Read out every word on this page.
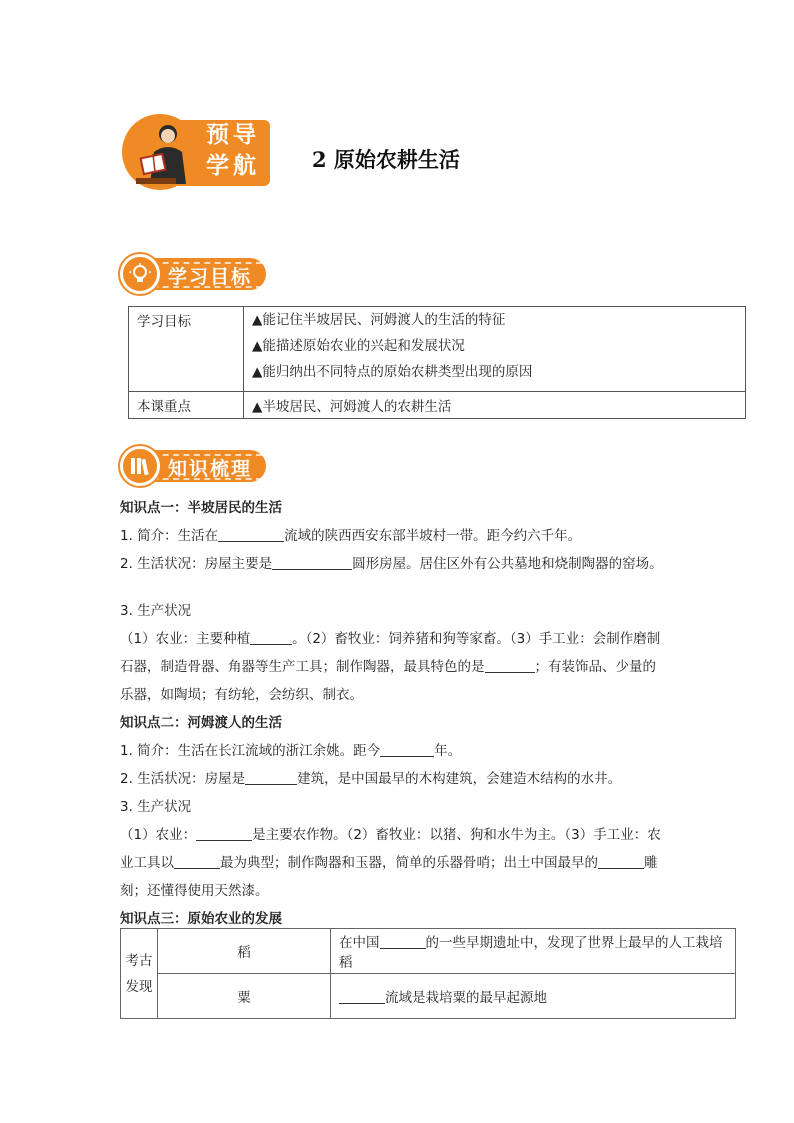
预导
学航 2 原始农耕生活
学习目标
学习目标	▲能记住半坡居民、河姆渡人的生活的特征
▲能描述原始农业的兴起和发展状况
▲能归纳出不同特点的原始农耕类型出现的原因

本课重点	▲半坡居民、河姆渡人的农耕生活
知识梳理

知识点一：半坡居民的生活

1. 简介：生活在	流域的陕西西安东部半坡村一带。距今约六千年。

2. 生活状况：房屋主要是	圆形房屋。居住区外有公共墓地和烧制陶器的窑场。

3. 生产状况

（1）农业：主要种植	。（2）畜牧业：饲养猪和狗等家畜。（3）手工业：会制作磨制

石器，制造骨器、角器等生产工具；制作陶器，最具特色的是	；有装饰品、少量的

乐器，如陶埙；有纺轮，会纺织、制衣。

知识点二：河姆渡人的生活

1. 简介：生活在长江流域的浙江余姚。距今	年。

2. 生活状况：房屋是	建筑，是中国最早的木构建筑，会建造木结构的水井。

3. 生产状况

（1）农业：	是主要农作物。（2）畜牧业：以猪、狗和水牛为主。（3）手工业：农

业工具以	最为典型；制作陶器和玉器，简单的乐器骨哨；出土中国最早的	雕

刻；还懂得使用天然漆。

知识点三：原始农业的发展

考古
发现	稻	在中国 的一些早期遗址中，发现了世界上最早的人工栽培稻
	粟	流域是栽培粟的最早起源地
